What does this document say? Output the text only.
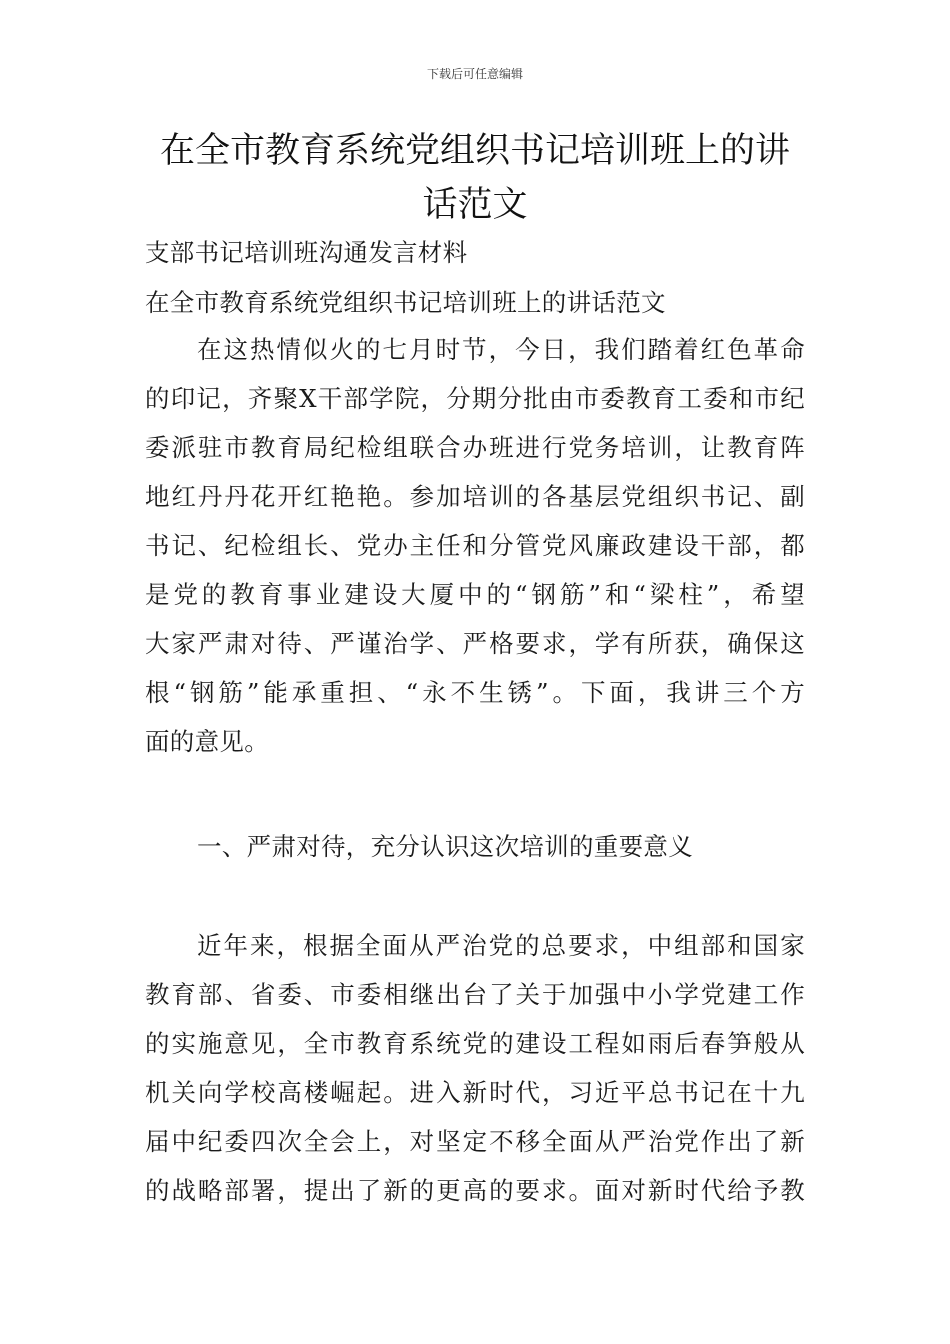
下载后可任意编辑
在全市教育系统党组织书记培训班上的讲
话范文
支部书记培训班沟通发言材料
在全市教育系统党组织书记培训班上的讲话范文
在这热情似火的七月时节，今日，我们踏着红色革命
的印记，齐聚X干部学院，分期分批由市委教育工委和市纪
委派驻市教育局纪检组联合办班进行党务培训，让教育阵
地红丹丹花开红艳艳。参加培训的各基层党组织书记、副
书记、纪检组长、党办主任和分管党风廉政建设干部，都
是党的教育事业建设大厦中的“钢筋”和“梁柱”，希望
大家严肃对待、严谨治学、严格要求，学有所获，确保这
根“钢筋”能承重担、“永不生锈”。下面，我讲三个方
面的意见。
一、严肃对待，充分认识这次培训的重要意义
近年来，根据全面从严治党的总要求，中组部和国家
教育部、省委、市委相继出台了关于加强中小学党建工作
的实施意见，全市教育系统党的建设工程如雨后春笋般从
机关向学校高楼崛起。进入新时代，习近平总书记在十九
届中纪委四次全会上，对坚定不移全面从严治党作出了新
的战略部署，提出了新的更高的要求。面对新时代给予教
